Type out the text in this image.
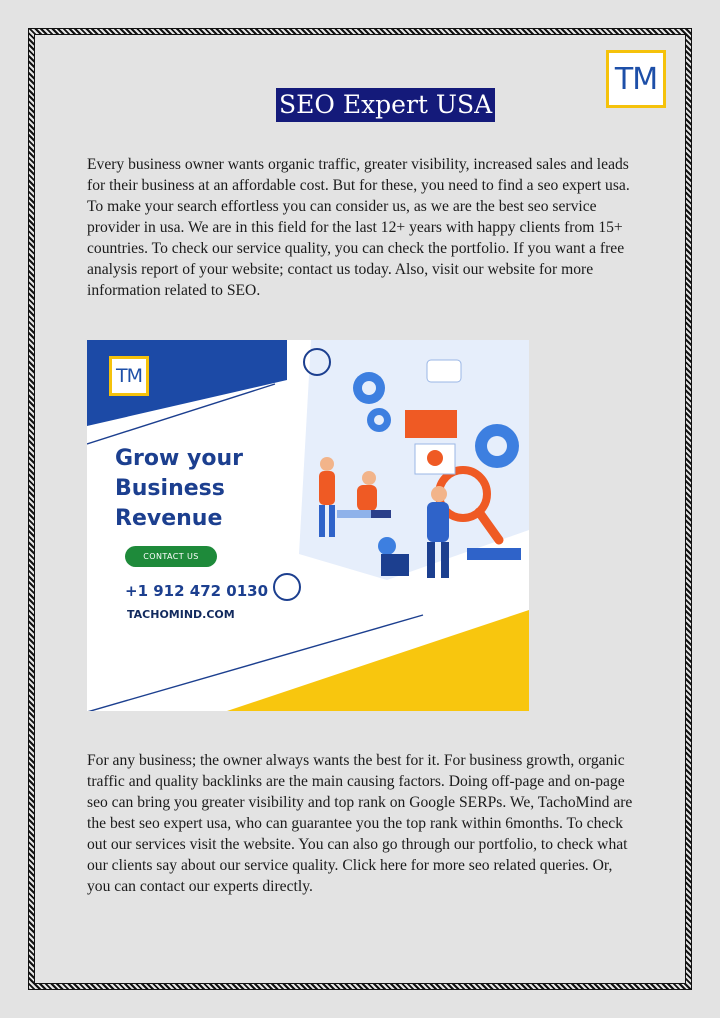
TM
SEO Expert USA

Every business owner wants organic traffic, greater visibility, increased sales and leads for their business at an affordable cost. But for these, you need to find a seo expert usa. To make your search effortless you can consider us, as we are the best seo service provider in usa. We are in this field for the last 12+ years with happy clients from 15+ countries. To check our service quality, you can check the portfolio. If you want a free analysis report of your website; contact us today. Also, visit our website for more information related to SEO.

TM
Grow your
Business
Revenue
CONTACT US
+1 912 472 0130
TACHOMIND.COM

For any business; the owner always wants the best for it. For business growth, organic traffic and quality backlinks are the main causing factors. Doing off-page and on-page seo can bring you greater visibility and top rank on Google SERPs. We, TachoMind are the best seo expert usa, who can guarantee you the top rank within 6months. To check out our services visit the website. You can also go through our portfolio, to check what our clients say about our service quality. Click here for more seo related queries. Or, you can contact our experts directly.
